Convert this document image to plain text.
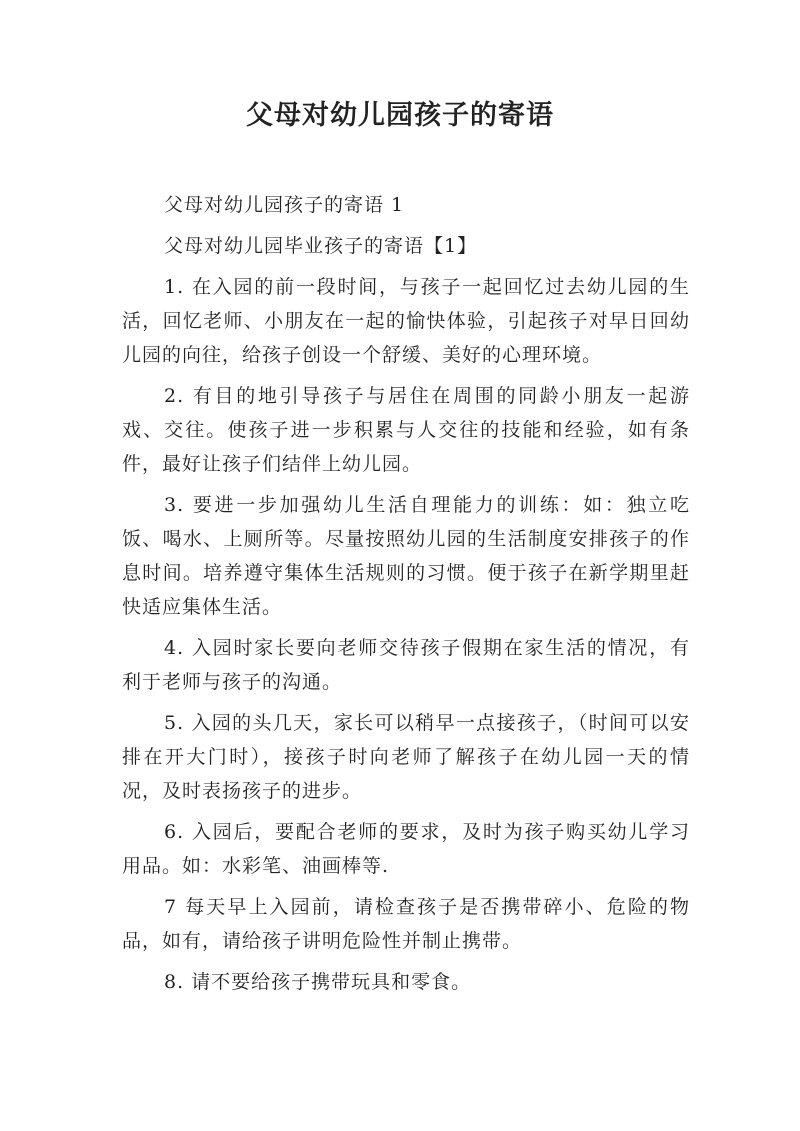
父母对幼儿园孩子的寄语

父母对幼儿园孩子的寄语 1

父母对幼儿园毕业孩子的寄语【1】

1. 在入园的前一段时间，与孩子一起回忆过去幼儿园的生活，回忆老师、小朋友在一起的愉快体验，引起孩子对早日回幼儿园的向往，给孩子创设一个舒缓、美好的心理环境。

2. 有目的地引导孩子与居住在周围的同龄小朋友一起游戏、交往。使孩子进一步积累与人交往的技能和经验，如有条件，最好让孩子们结伴上幼儿园。

3. 要进一步加强幼儿生活自理能力的训练：如：独立吃饭、喝水、上厕所等。尽量按照幼儿园的生活制度安排孩子的作息时间。培养遵守集体生活规则的习惯。便于孩子在新学期里赶快适应集体生活。

4. 入园时家长要向老师交待孩子假期在家生活的情况，有利于老师与孩子的沟通。

5. 入园的头几天，家长可以稍早一点接孩子，（时间可以安排在开大门时），接孩子时向老师了解孩子在幼儿园一天的情况，及时表扬孩子的进步。

6. 入园后，要配合老师的要求，及时为孩子购买幼儿学习用品。如：水彩笔、油画棒等.

7 每天早上入园前，请检查孩子是否携带碎小、危险的物品，如有，请给孩子讲明危险性并制止携带。

8. 请不要给孩子携带玩具和零食。
